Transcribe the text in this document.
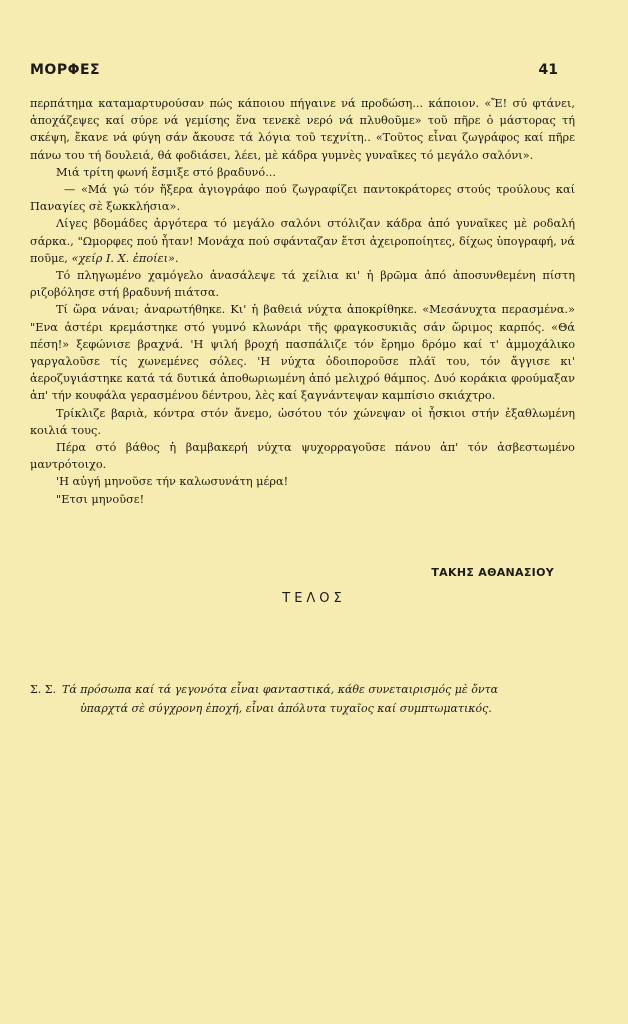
ΜΟΡΦΕΣ	41

περπάτημα καταμαρτυρούσαν πώς κάποιου πήγαινε νά προδώση... κάποιον. «Ἔ! σύ φτάνει, ἀποχάζεψες καί σύρε νά γεμίσης ἕνα τενεκὲ νερό νά πλυθοῦμε» τοῦ πῆρε ὁ μάστορας τή σκέψη, ἔκανε νά φύγη σάν ἄκουσε τά λόγια τοῦ τεχνίτη.. «Τοῦτος εἶναι ζωγράφος καί πῆρε πάνω του τή δουλειά, θά φοδιάσει, λέει, μὲ κάδρα γυμνὲς γυναῖκες τό μεγάλο σαλόνι».

Μιά τρίτη φωνή ἔσμιξε στό βραδυνό...

— «Μά γώ τόν ἤξερα ἁγιογράφο πού ζωγραφίζει παντοκράτορες στούς τρούλους καί Παναγίες σὲ ξωκκλήσια».

Λίγες βδομάδες ἀργότερα τό μεγάλο σαλόνι στόλιζαν κάδρα ἀπό γυναῖκες μὲ ροδαλή σάρκα., "Ωμορφες πού ἦταν! Μονάχα πού σφάνταζαν ἔτσι ἀχειροποίητες, δίχως ὑπογραφή, νά ποῦμε, «χείρ Ι. Χ. ἐποίει».

Τό πληγωμένο χαμόγελο ἀνασάλεψε τά χείλια κι' ἡ βρῶμα ἀπό ἀποσυνθεμένη πίστη ριζοβόλησε στή βραδυνή πιάτσα.

Τί ὥρα νάναι; ἀναρωτήθηκε. Κι' ἡ βαθειά νύχτα ἀποκρίθηκε. «Μεσάνυχτα περασμένα.» "Ενα ἀστέρι κρεμάστηκε στό γυμνό κλωνάρι τῆς φραγκοσυκιᾶς σάν ὥριμος καρπός. «Θά πέση!» ξεφώνισε βραχνά. 'Η ψιλή βροχή πασπάλιζε τόν ἔρημο δρόμο καί τ' ἀμμοχάλικο γαργαλοῦσε τίς χωνεμένες σόλες. 'Η νύχτα ὁδοιποροῦσε πλάϊ του, τόν ἄγγισε κι' ἀεροζυγιάστηκε κατά τά δυτικά ἀποθωριωμένη ἀπό μελιχρό θάμπος. Δυό κοράκια φρούμαξαν ἀπ' τήν κουφάλα γερασμένου δέντρου, λὲς καί ξαγνάντεψαν καμπίσιο σκιάχτρο.

Τρίκλιζε βαριὰ, κόντρα στόν ἄνεμο, ὡσότου τόν χώνεψαν οἱ ἦσκιοι στήν ἐξαθλωμένη κοιλιά τους.

Πέρα στό βάθος ἡ βαμβακερή νύχτα ψυχορραγοῦσε πάνου ἀπ' τόν ἀσβεστωμένο μαντρότοιχο.

'Η αὐγή μηνοῦσε τήν καλωσυνάτη μέρα!

"Ετσι μηνοῦσε!

ΤΑΚΗΣ ΑΘΑΝΑΣΙΟΥ
ΤΕΛΟΣ
Σ. Σ. Τά πρόσωπα καί τά γεγονότα εἶναι φανταστικά, κάθε συνεταιρισμός μὲ ὄντα
ὑπαρχτά σὲ σύγχρονη ἐποχή, εἶναι ἀπόλυτα τυχαῖος καί συμπτωματικός.
